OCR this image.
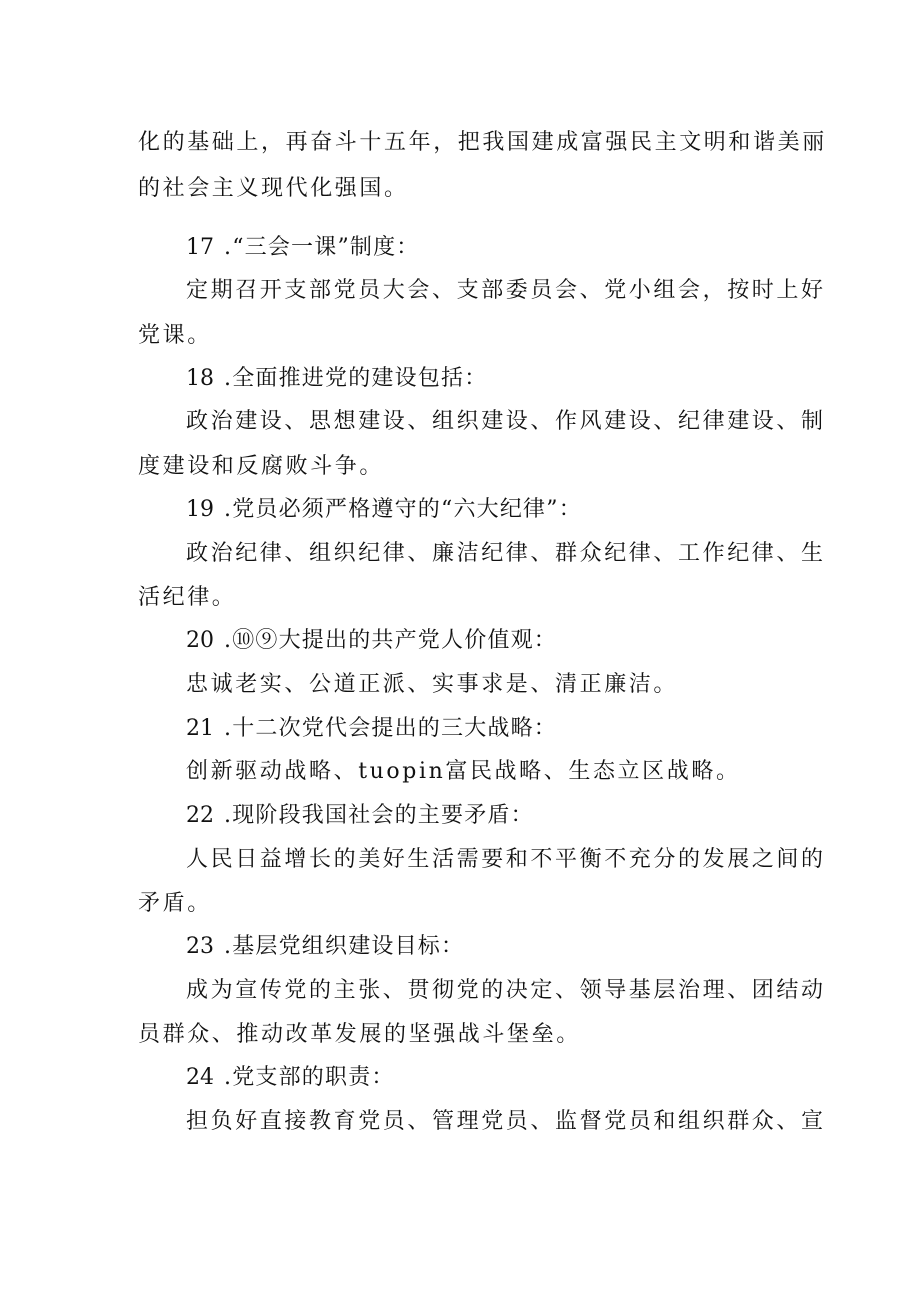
化的基础上，再奋斗十五年，把我国建成富强民主文明和谐美丽
的社会主义现代化强国。
17 .“三会一课”制度：
定期召开支部党员大会、支部委员会、党小组会，按时上好
党课。
18 .全面推进党的建设包括：
政治建设、思想建设、组织建设、作风建设、纪律建设、制
度建设和反腐败斗争。
19 .党员必须严格遵守的“六大纪律”：
政治纪律、组织纪律、廉洁纪律、群众纪律、工作纪律、生
活纪律。
20 .⑩⑨大提出的共产党人价值观：
忠诚老实、公道正派、实事求是、清正廉洁。
21 .十二次党代会提出的三大战略：
创新驱动战略、tuopin富民战略、生态立区战略。
22 .现阶段我国社会的主要矛盾：
人民日益增长的美好生活需要和不平衡不充分的发展之间的
矛盾。
23 .基层党组织建设目标：
成为宣传党的主张、贯彻党的决定、领导基层治理、团结动
员群众、推动改革发展的坚强战斗堡垒。
24 .党支部的职责：
担负好直接教育党员、管理党员、监督党员和组织群众、宣
